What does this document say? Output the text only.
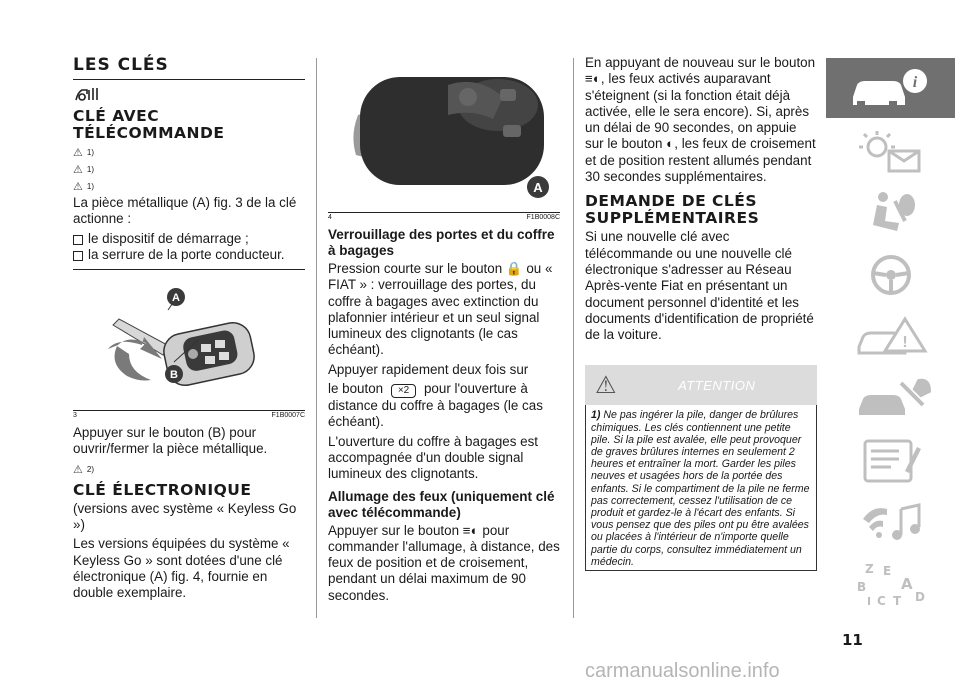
LES CLÉS
CLÉ AVEC TÉLÉCOMMANDE
⚠ 1)
⚠ 1)
⚠ 1)

La pièce métallique (A) fig. 3 de la clé actionne :

le dispositif de démarrage ;
la serrure de la porte conducteur.
A
B
3	F1B0007C

Appuyer sur le bouton (B) pour ouvrir/fermer la pièce métallique.

⚠ 2)
CLÉ ÉLECTRONIQUE

(versions avec système « Keyless Go »)

Les versions équipées du système « Keyless Go » sont dotées d'une clé électronique (A) fig. 4, fournie en double exemplaire.

A
4	F1B0008C
Verrouillage des portes et du coffre à bagages

Pression courte sur le bouton 🔒 ou « FIAT » : verrouillage des portes, du coffre à bagages avec extinction du plafonnier intérieur et un seul signal lumineux des clignotants (le cas échéant).

Appuyer rapidement deux fois sur

le bouton ×2 pour l'ouverture à distance du coffre à bagages (le cas échéant).

L'ouverture du coffre à bagages est accompagnée d'un double signal lumineux des clignotants.

Allumage des feux (uniquement clé avec télécommande)

Appuyer sur le bouton ≡◐ pour commander l'allumage, à distance, des feux de position et de croisement, pendant un délai maximum de 90 secondes.

En appuyant de nouveau sur le bouton ≡◐, les feux activés auparavant s'éteignent (si la fonction était déjà activée, elle le sera encore). Si, après un délai de 90 secondes, on appuie sur le bouton ◐, les feux de croisement et de position restent allumés pendant 30 secondes supplémentaires.

DEMANDE DE CLÉS SUPPLÉMENTAIRES

Si une nouvelle clé avec télécommande ou une nouvelle clé électronique s'adresser au Réseau Après-vente Fiat en présentant un document personnel d'identité et les documents d'identification de propriété de la voiture.

⚠	ATTENTION
1) Ne pas ingérer la pile, danger de brûlures chimiques. Les clés contiennent une petite pile. Si la pile est avalée, elle peut provoquer de graves brûlures internes en seulement 2 heures et entraîner la mort. Garder les piles neuves et usagées hors de la portée des enfants. Si le compartiment de la pile ne ferme pas correctement, cessez l'utilisation de ce produit et gardez-le à l'écart des enfants. Si vous pensez que des piles ont pu être avalées ou placées à l'intérieur de n'importe quelle partie du corps, consultez immédiatement un médecin.
i
!
Z E
B A
I C T D
11
carmanualsonline.info
